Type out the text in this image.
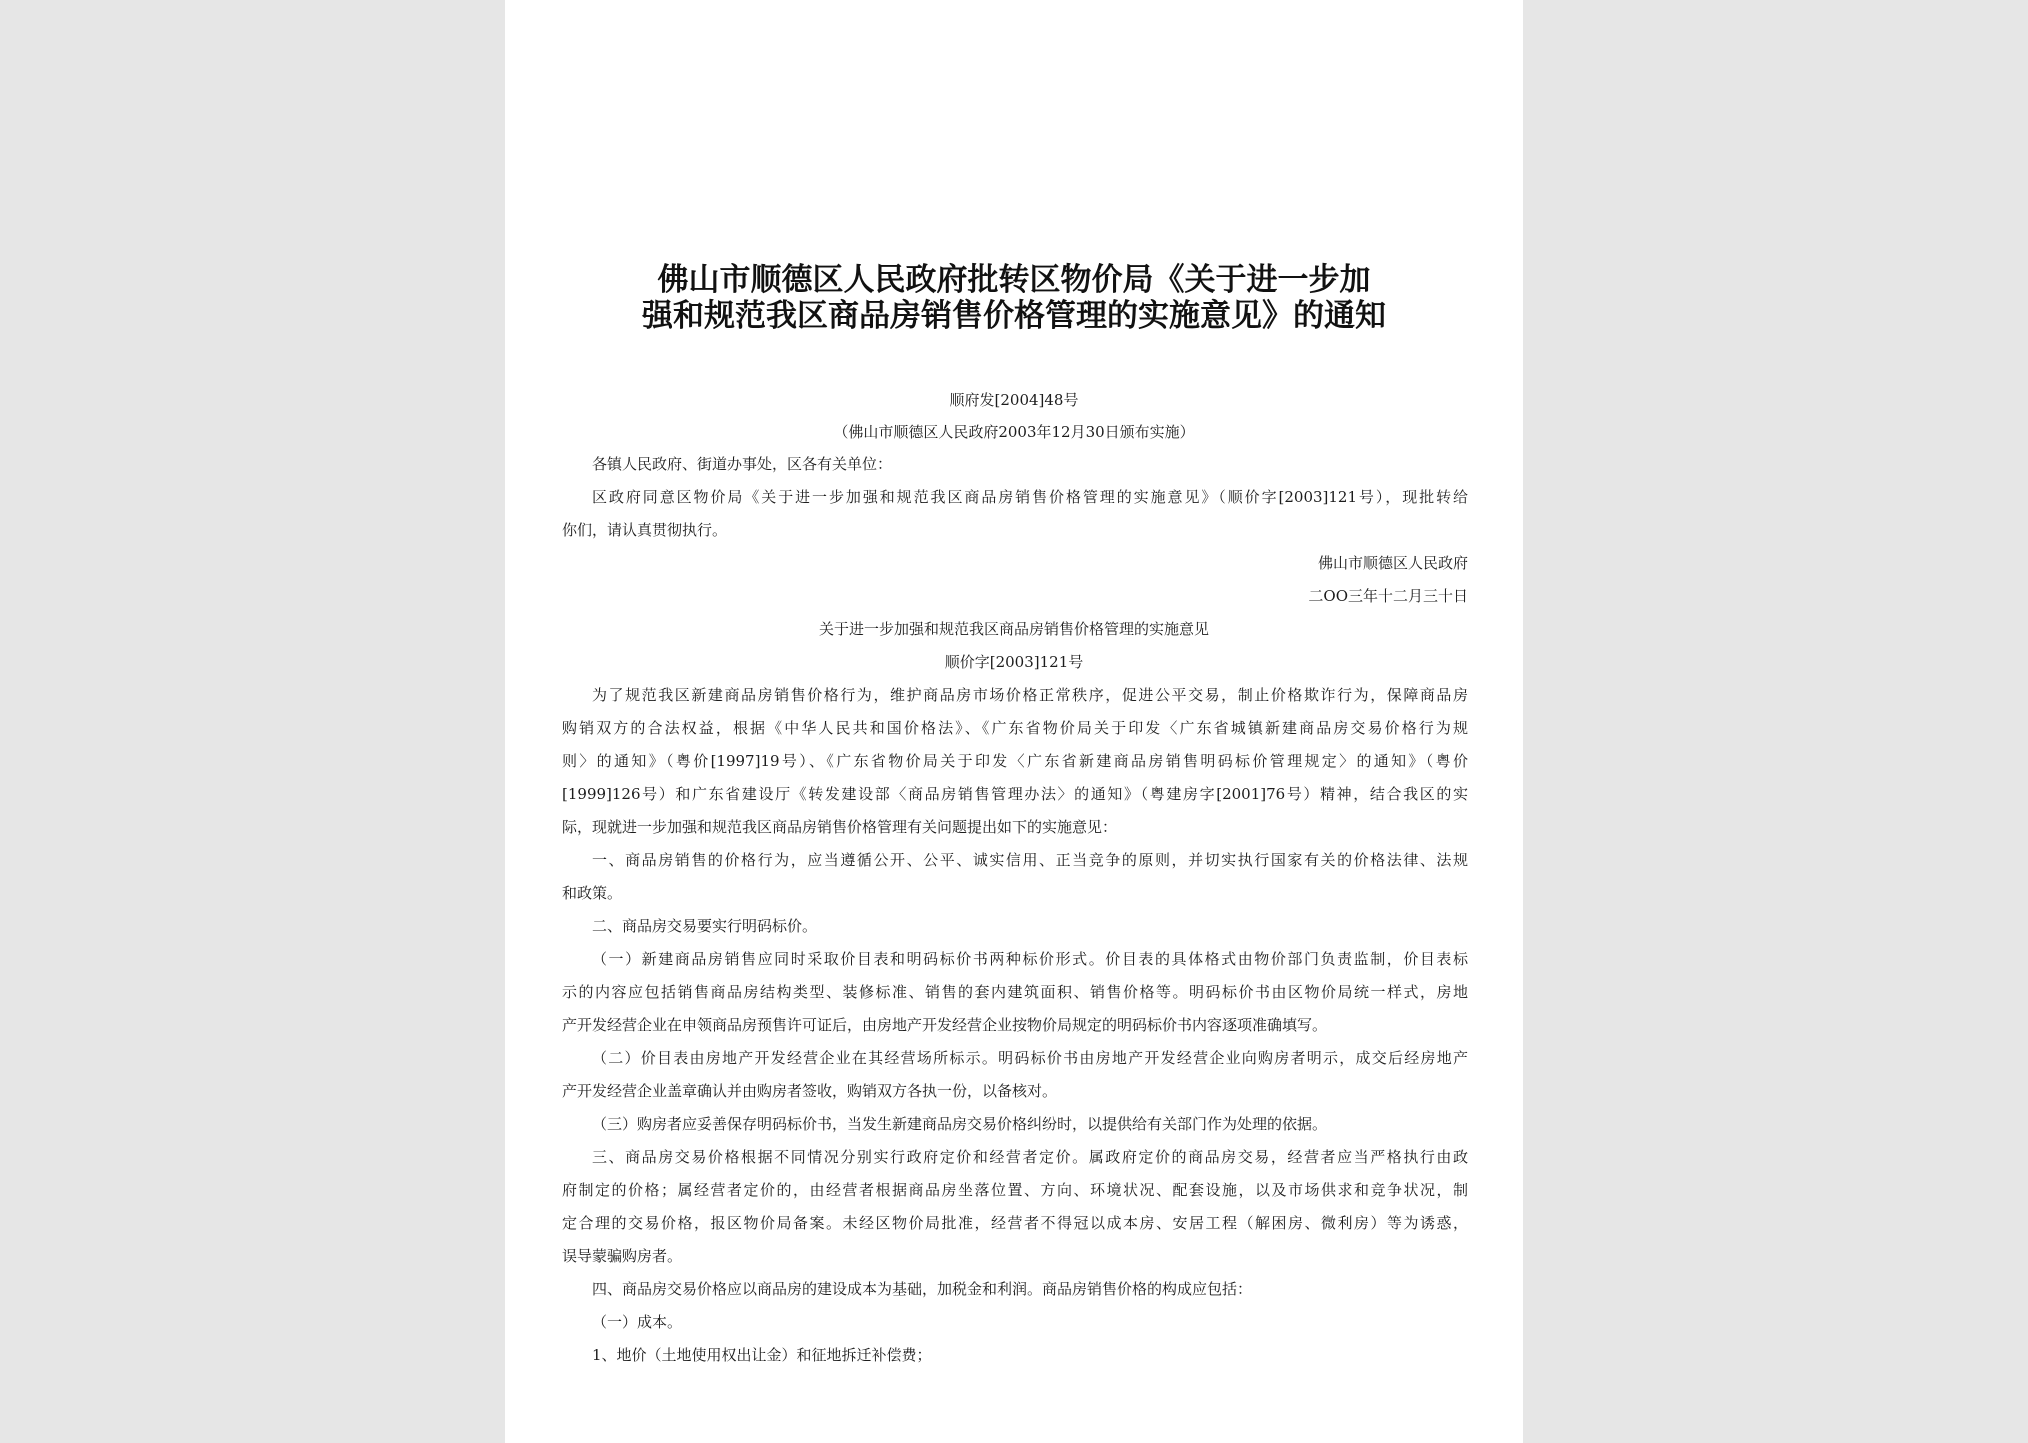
佛山市顺德区人民政府批转区物价局《关于进一步加
强和规范我区商品房销售价格管理的实施意见》的通知
顺府发[2004]48号
（佛山市顺德区人民政府2003年12月30日颁布实施）
各镇人民政府、街道办事处，区各有关单位：
区政府同意区物价局《关于进一步加强和规范我区商品房销售价格管理的实施意见》（顺价字[2003]121号），现批转给
你们，请认真贯彻执行。
佛山市顺德区人民政府
二OO三年十二月三十日
关于进一步加强和规范我区商品房销售价格管理的实施意见
顺价字[2003]121号
为了规范我区新建商品房销售价格行为，维护商品房市场价格正常秩序，促进公平交易，制止价格欺诈行为，保障商品房
购销双方的合法权益，根据《中华人民共和国价格法》、《广东省物价局关于印发〈广东省城镇新建商品房交易价格行为规
则〉的通知》（粤价[1997]19号）、《广东省物价局关于印发〈广东省新建商品房销售明码标价管理规定〉的通知》（粤价
[1999]126号）和广东省建设厅《转发建设部〈商品房销售管理办法〉的通知》（粤建房字[2001]76号）精神，结合我区的实
际，现就进一步加强和规范我区商品房销售价格管理有关问题提出如下的实施意见：
一、商品房销售的价格行为，应当遵循公开、公平、诚实信用、正当竞争的原则，并切实执行国家有关的价格法律、法规
和政策。
二、商品房交易要实行明码标价。
（一）新建商品房销售应同时采取价目表和明码标价书两种标价形式。价目表的具体格式由物价部门负责监制，价目表标
示的内容应包括销售商品房结构类型、装修标准、销售的套内建筑面积、销售价格等。明码标价书由区物价局统一样式，房地
产开发经营企业在申领商品房预售许可证后，由房地产开发经营企业按物价局规定的明码标价书内容逐项准确填写。
（二）价目表由房地产开发经营企业在其经营场所标示。明码标价书由房地产开发经营企业向购房者明示，成交后经房地产
产开发经营企业盖章确认并由购房者签收，购销双方各执一份，以备核对。
（三）购房者应妥善保存明码标价书，当发生新建商品房交易价格纠纷时，以提供给有关部门作为处理的依据。
三、商品房交易价格根据不同情况分别实行政府定价和经营者定价。属政府定价的商品房交易，经营者应当严格执行由政
府制定的价格；属经营者定价的，由经营者根据商品房坐落位置、方向、环境状况、配套设施，以及市场供求和竞争状况，制
定合理的交易价格，报区物价局备案。未经区物价局批准，经营者不得冠以成本房、安居工程（解困房、微利房）等为诱惑，
误导蒙骗购房者。
四、商品房交易价格应以商品房的建设成本为基础，加税金和利润。商品房销售价格的构成应包括：
（一）成本。
1、地价（土地使用权出让金）和征地拆迁补偿费；
